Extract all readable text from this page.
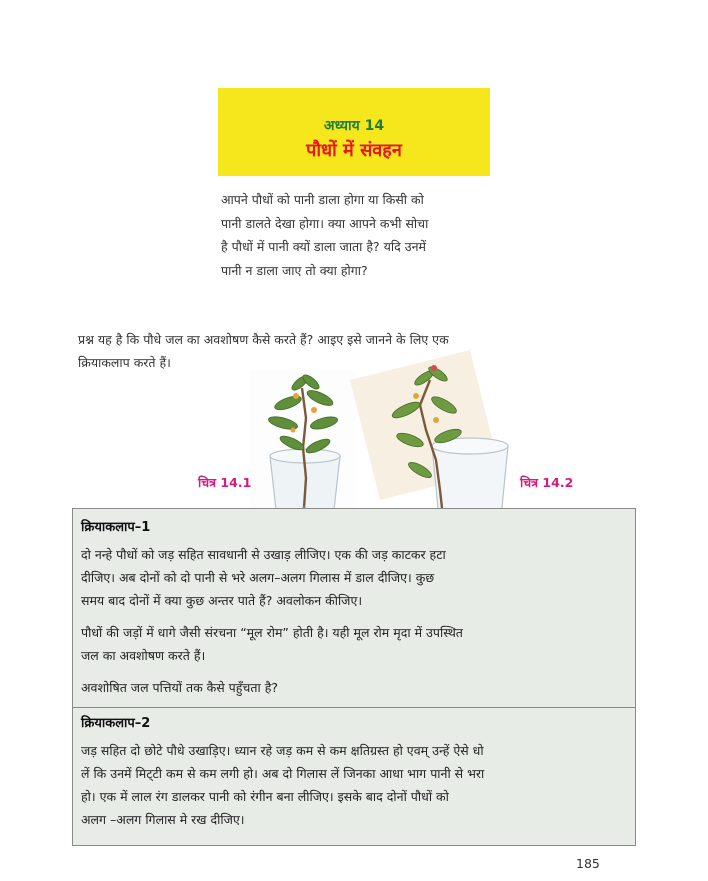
अध्याय 14
पौधों में संवहन
आपने पौधों को पानी डाला होगा या किसी को
पानी डालते देखा होगा। क्या आपने कभी सोचा
है पौधों में पानी क्यों डाला जाता है? यदि उनमें
पानी न डाला जाए तो क्या होगा?
प्रश्न यह है कि पौधे जल का अवशोषण कैसे करते हैं? आइए इसे जानने के लिए एक
क्रियाकलाप करते हैं।
चित्र 14.1	चित्र 14.2
क्रियाकलाप–1
दो नन्हे पौधों को जड़ सहित सावधानी से उखाड़ लीजिए। एक की जड़ काटकर हटा
दीजिए। अब दोनों को दो पानी से भरे अलग–अलग गिलास में डाल दीजिए। कुछ
समय बाद दोनों में क्या कुछ अन्तर पाते हैं? अवलोकन कीजिए।
पौधों की जड़ों में धागे जैसी संरचना “मूल रोम” होती है। यही मूल रोम मृदा में उपस्थित
जल का अवशोषण करते हैं।
अवशोषित जल पत्तियों तक कैसे पहुँचता है?
क्रियाकलाप–2
जड़ सहित दो छोटे पौधे उखाड़िए। ध्यान रहे जड़ कम से कम क्षतिग्रस्त हो एवम् उन्हें ऐसे धो
लें कि उनमें मिट्‌टी कम से कम लगी हो। अब दो गिलास लें जिनका आधा भाग पानी से भरा
हो। एक में लाल रंग डालकर पानी को रंगीन बना लीजिए। इसके बाद दोनों पौधों को
अलग –अलग गिलास मे रख दीजिए।
185
